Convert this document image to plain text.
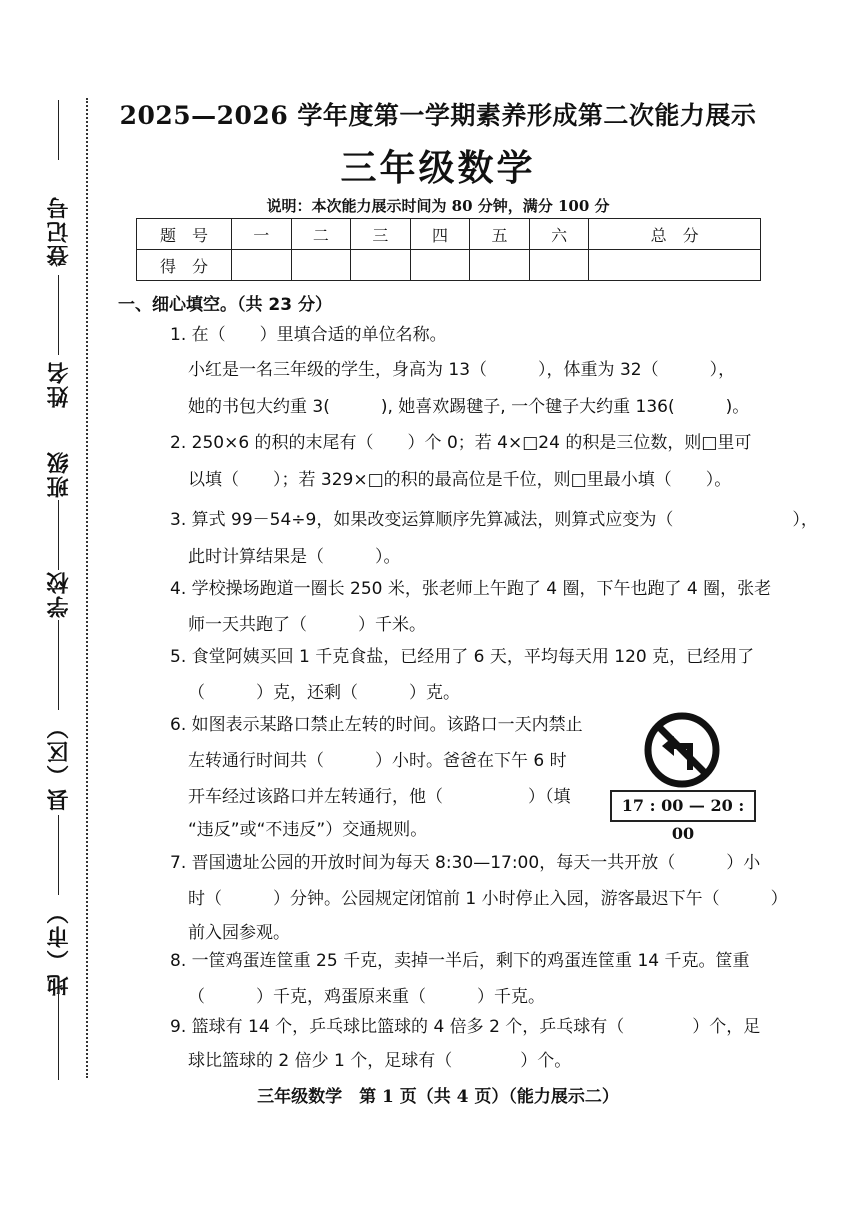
登记号
姓名
班级
学校
县（区）
地（市）
2025—2026 学年度第一学期素养形成第二次能力展示
三年级数学
说明：本次能力展示时间为 80 分钟，满分 100 分
题　号	一	二	三	四	五	六	总　分
得　分							
一、细心填空。（共 23 分）
1. 在（　　）里填合适的单位名称。
小红是一名三年级的学生，身高为 13（　　　），体重为 32（　　　），
她的书包大约重 3(　　　), 她喜欢踢毽子, 一个毽子大约重 136(　　　)。
2. 250×6 的积的末尾有（　　）个 0；若 4×□24 的积是三位数，则□里可
以填（　　）；若 329×□的积的最高位是千位，则□里最小填（　　）。
3. 算式 99－54÷9，如果改变运算顺序先算减法，则算式应变为（　　　　　　　），
此时计算结果是（　　　）。
4. 学校操场跑道一圈长 250 米，张老师上午跑了 4 圈，下午也跑了 4 圈，张老
师一天共跑了（　　　）千米。
5. 食堂阿姨买回 1 千克食盐，已经用了 6 天，平均每天用 120 克，已经用了
（　　　）克，还剩（　　　）克。
6. 如图表示某路口禁止左转的时间。该路口一天内禁止
左转通行时间共（　　　）小时。爸爸在下午 6 时
开车经过该路口并左转通行，他（　　　　　）（填
“违反”或“不违反”）交通规则。
17 : 00 — 20 : 00
7. 晋国遗址公园的开放时间为每天 8:30—17:00，每天一共开放（　　　）小
时（　　　）分钟。公园规定闭馆前 1 小时停止入园，游客最迟下午（　　　）
前入园参观。
8. 一筐鸡蛋连筐重 25 千克，卖掉一半后，剩下的鸡蛋连筐重 14 千克。筐重
（　　　）千克，鸡蛋原来重（　　　）千克。
9. 篮球有 14 个，乒乓球比篮球的 4 倍多 2 个，乒乓球有（　　　　）个，足
球比篮球的 2 倍少 1 个，足球有（　　　　）个。
三年级数学　第 1 页（共 4 页）（能力展示二）
